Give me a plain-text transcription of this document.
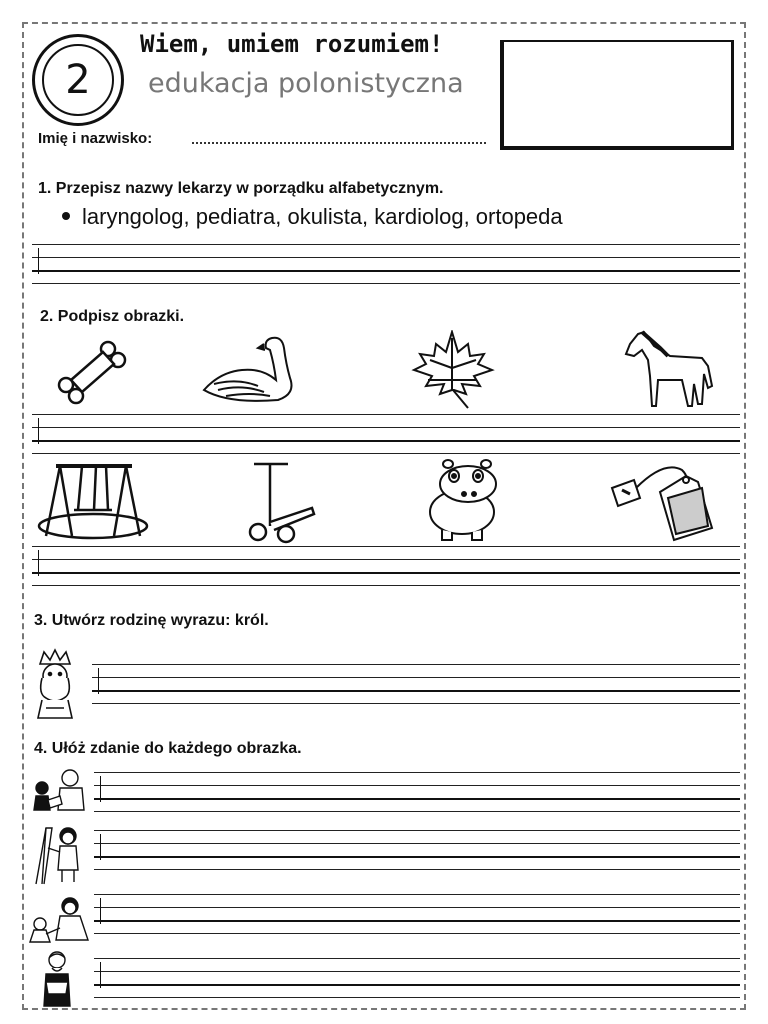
2
Wiem, umiem rozumiem!
edukacja polonistyczna
Imię i nazwisko:
1. Przepisz nazwy lekarzy w porządku alfabetycznym.
laryngolog, pediatra, okulista, kardiolog, ortopeda
2. Podpisz obrazki.
3. Utwórz rodzinę wyrazu: król.
4. Ułóż zdanie do każdego obrazka.
